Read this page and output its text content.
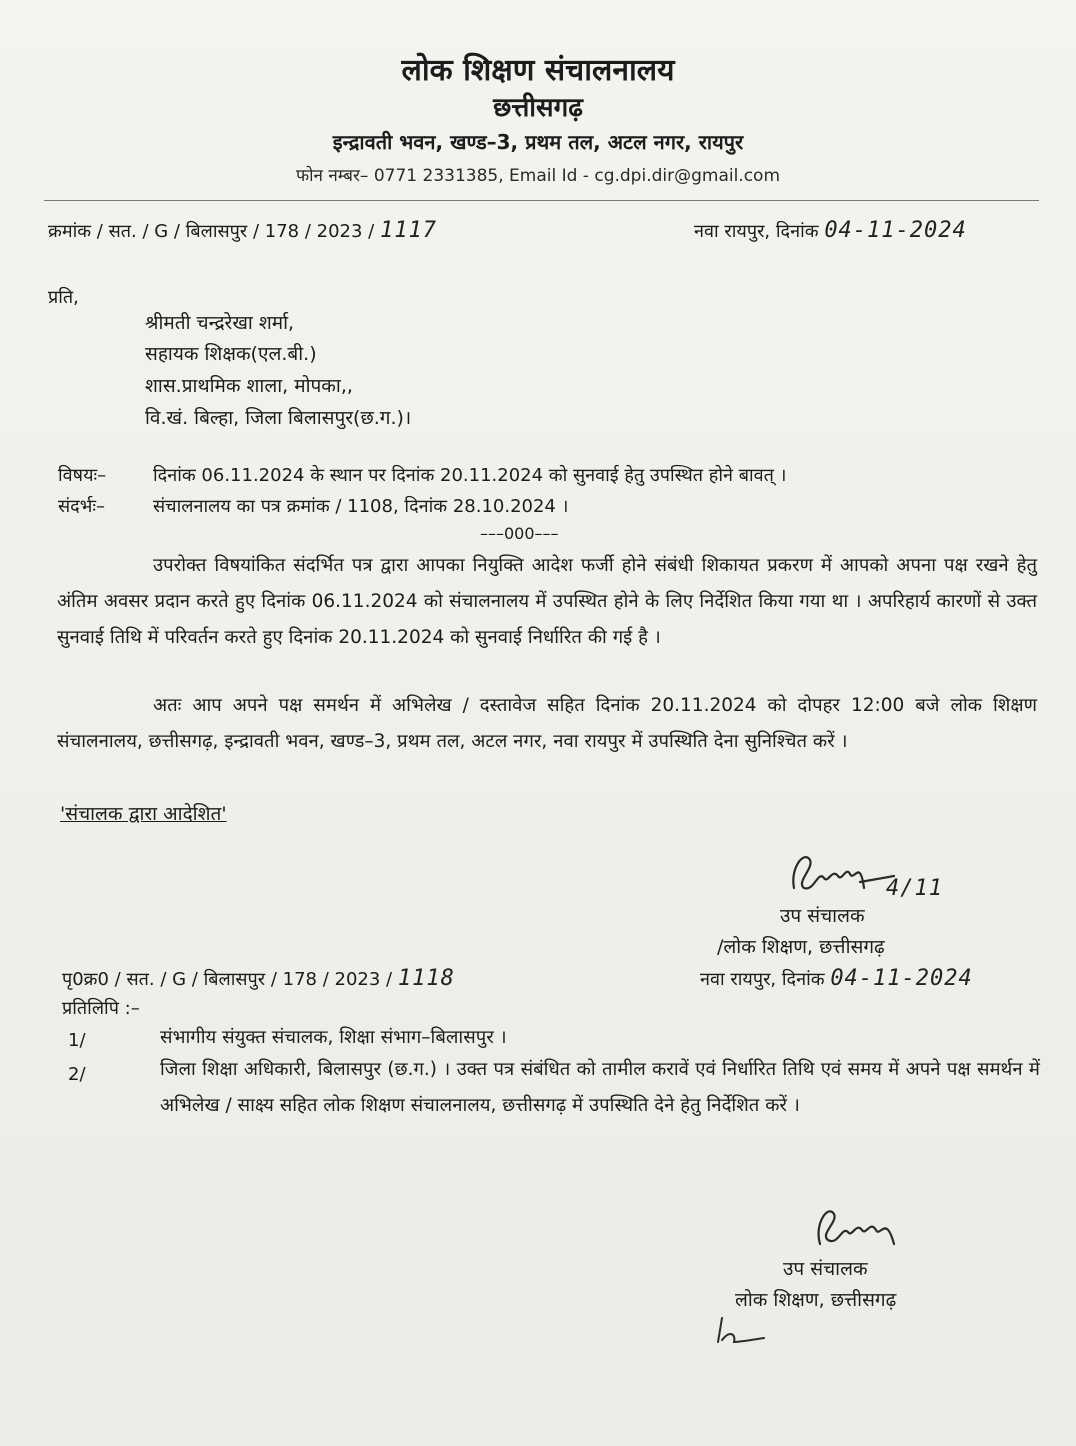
लोक शिक्षण संचालनालय
छत्तीसगढ़
इन्द्रावती भवन, खण्ड–3, प्रथम तल, अटल नगर, रायपुर
फोन नम्बर– 0771 2331385, Email Id - cg.dpi.dir@gmail.com
क्रमांक / सत. / G / बिलासपुर / 178 / 2023 / 1117	नवा रायपुर, दिनांक 04-11-2024
प्रति,
श्रीमती चन्द्ररेखा शर्मा,
सहायक शिक्षक(एल.बी.)
शास.प्राथमिक शाला, मोपका,,
वि.खं. बिल्हा, जिला बिलासपुर(छ.ग.)।
विषयः–	दिनांक 06.11.2024 के स्थान पर दिनांक 20.11.2024 को सुनवाई हेतु उपस्थित होने बावत् ।
संदर्भः–	संचालनालय का पत्र क्रमांक / 1108, दिनांक 28.10.2024 ।
–––000–––
उपरोक्त विषयांकित संदर्भित पत्र द्वारा आपका नियुक्ति आदेश फर्जी होने संबंधी शिकायत प्रकरण में आपको अपना पक्ष रखने हेतु अंतिम अवसर प्रदान करते हुए दिनांक 06.11.2024 को संचालनालय में उपस्थित होने के लिए निर्देशित किया गया था । अपरिहार्य कारणों से उक्त सुनवाई तिथि में परिवर्तन करते हुए दिनांक 20.11.2024 को सुनवाई निर्धारित की गई है ।
अतः आप अपने पक्ष समर्थन में अभिलेख / दस्तावेज सहित दिनांक 20.11.2024 को दोपहर 12:00 बजे लोक शिक्षण संचालनालय, छत्तीसगढ़, इन्द्रावती भवन, खण्ड–3, प्रथम तल, अटल नगर, नवा रायपुर में उपस्थिति देना सुनिश्चित करें ।
'संचालक द्वारा आदेशित'
4/11
उप संचालक
/लोक शिक्षण, छत्तीसगढ़
पृ0क्र0 / सत. / G / बिलासपुर / 178 / 2023 / 1118	नवा रायपुर, दिनांक 04-11-2024
प्रतिलिपि :–
1/	संभागीय संयुक्त संचालक, शिक्षा संभाग–बिलासपुर ।
2/	जिला शिक्षा अधिकारी, बिलासपुर (छ.ग.) । उक्त पत्र संबंधित को तामील करावें एवं निर्धारित तिथि एवं समय में अपने पक्ष समर्थन में अभिलेख / साक्ष्य सहित लोक शिक्षण संचालनालय, छत्तीसगढ़ में उपस्थिति देने हेतु निर्देशित करें ।
उप संचालक
लोक शिक्षण, छत्तीसगढ़
